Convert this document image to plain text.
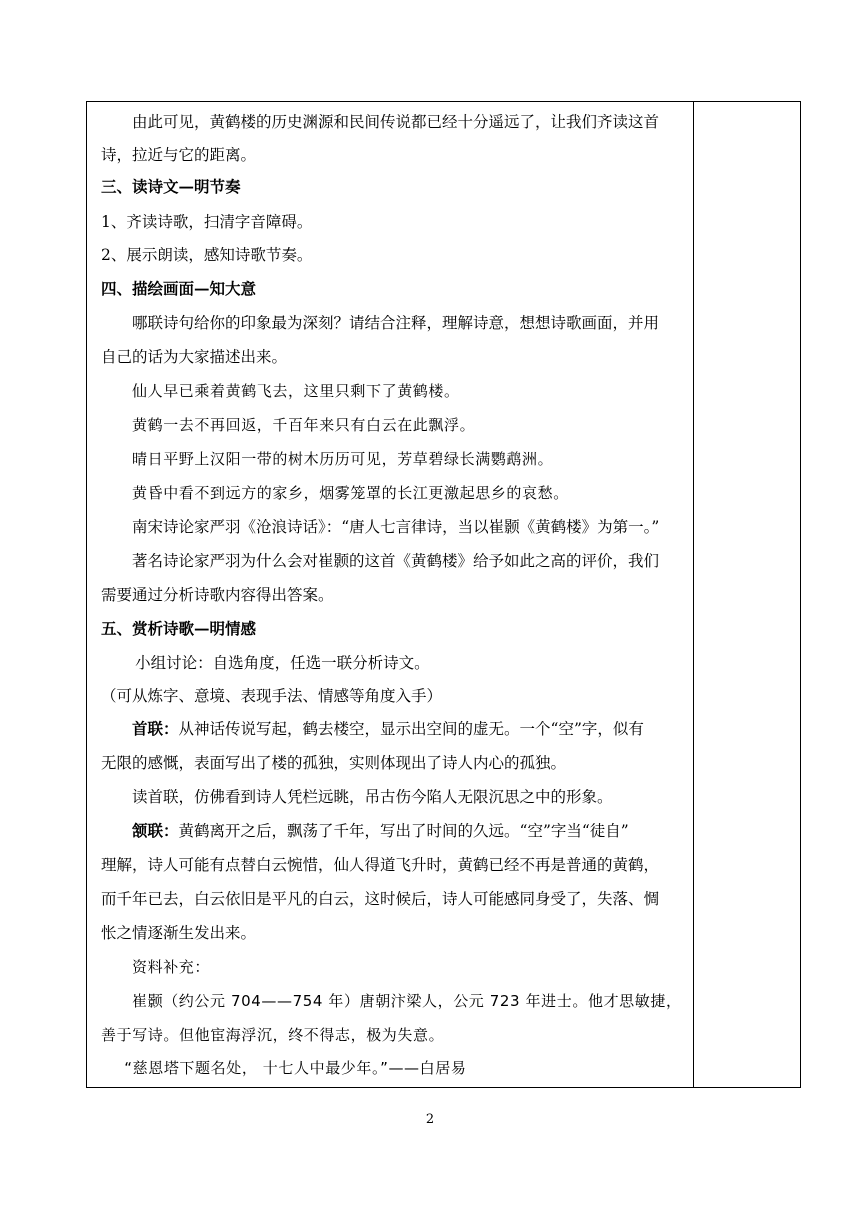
由此可见，黄鹤楼的历史渊源和民间传说都已经十分遥远了，让我们齐读这首
诗，拉近与它的距离。
三、读诗文—明节奏
1、齐读诗歌，扫清字音障碍。
2、展示朗读，感知诗歌节奏。
四、描绘画面—知大意
哪联诗句给你的印象最为深刻？请结合注释，理解诗意，想想诗歌画面，并用
自己的话为大家描述出来。
仙人早已乘着黄鹤飞去，这里只剩下了黄鹤楼。
黄鹤一去不再回返，千百年来只有白云在此飘浮。
晴日平野上汉阳一带的树木历历可见，芳草碧绿长满鹦鹉洲。
黄昏中看不到远方的家乡，烟雾笼罩的长江更激起思乡的哀愁。
南宋诗论家严羽《沧浪诗话》：“唐人七言律诗，当以崔颢《黄鹤楼》为第一。”
著名诗论家严羽为什么会对崔颢的这首《黄鹤楼》给予如此之高的评价，我们
需要通过分析诗歌内容得出答案。
五、赏析诗歌—明情感
小组讨论：自选角度，任选一联分析诗文。
（可从炼字、意境、表现手法、情感等角度入手）
首联：从神话传说写起，鹤去楼空，显示出空间的虚无。一个“空”字，似有
无限的感慨，表面写出了楼的孤独，实则体现出了诗人内心的孤独。
读首联，仿佛看到诗人凭栏远眺，吊古伤今陷人无限沉思之中的形象。
颔联：黄鹤离开之后，飘荡了千年，写出了时间的久远。“空”字当“徒自”
理解，诗人可能有点替白云惋惜，仙人得道飞升时，黄鹤已经不再是普通的黄鹤，
而千年已去，白云依旧是平凡的白云，这时候后，诗人可能感同身受了，失落、惆
怅之情逐渐生发出来。
资料补充：
崔颢（约公元 704——754 年）唐朝汴梁人，公元 723 年进士。他才思敏捷，
善于写诗。但他宦海浮沉，终不得志，极为失意。
“慈恩塔下题名处， 十七人中最少年。”——白居易
2
